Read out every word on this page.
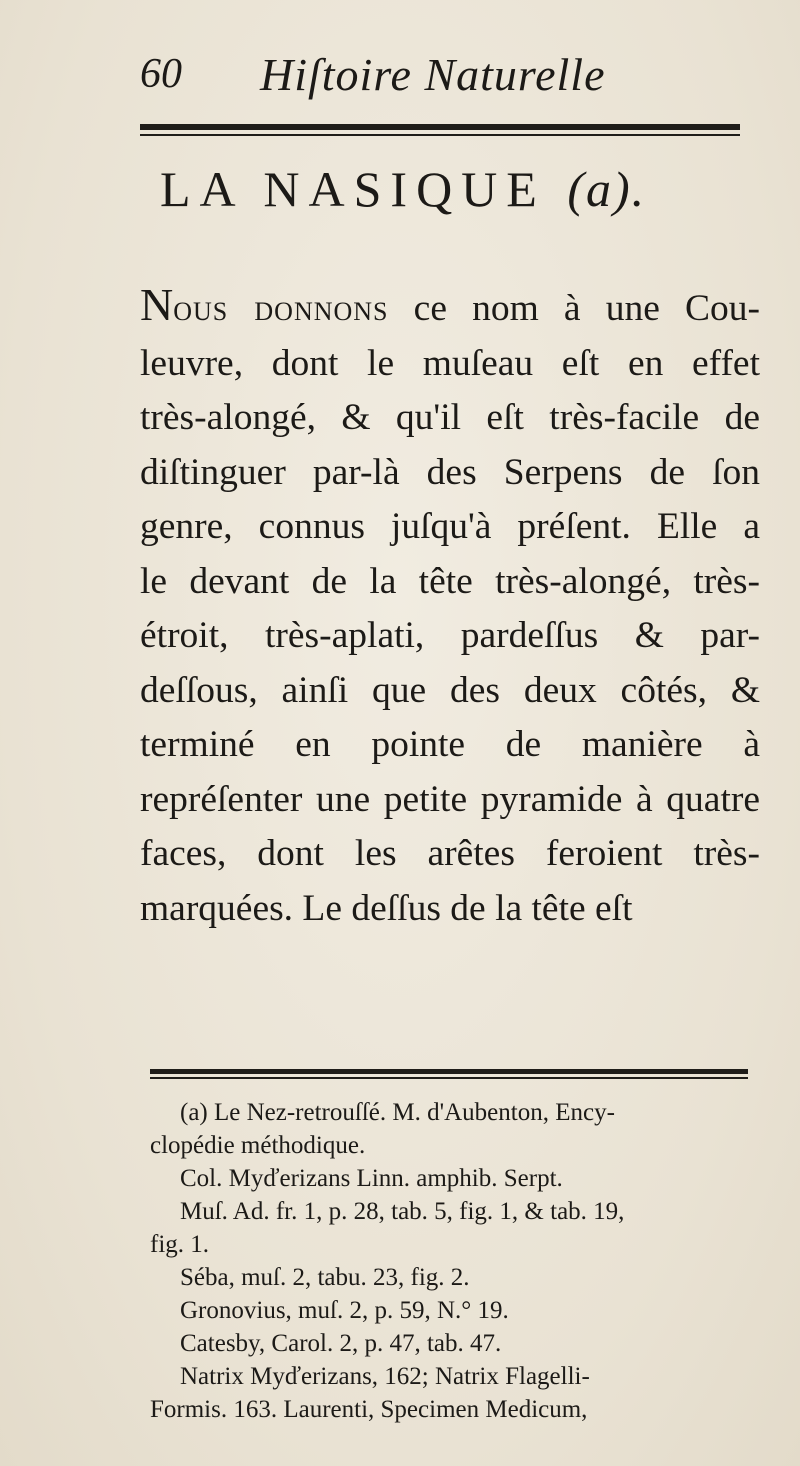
60 Hiſtoire Naturelle
LA NASIQUE (a).
Nous donnons ce nom à une Cou-
leuvre, dont le muſeau eſt en effet
très-alongé, & qu'il eſt très-facile de
diſtinguer par-là des Serpens de ſon
genre, connus juſqu'à préſent. Elle a
le devant de la tête très-alongé, très-
étroit, très-aplati, pardeſſus & par-
deſſous, ainſi que des deux côtés, &
terminé en pointe de manière à
repréſenter une petite pyramide à quatre
faces, dont les arêtes feroient très-
marquées. Le deſſus de la tête eſt
(a) Le Nez-retrouſſé. M. d'Aubenton, Ency-
clopédie méthodique.
Col. Myďerizans Linn. amphib. Serpt.
Muſ. Ad. fr. 1, p. 28, tab. 5, fig. 1, & tab. 19,
fig. 1.
Séba, muſ. 2, tabu. 23, fig. 2.
Gronovius, muſ. 2, p. 59, N.° 19.
Catesby, Carol. 2, p. 47, tab. 47.
Natrix Myďerizans, 162; Natrix Flagelli-
Formis. 163. Laurenti, Specimen Medicum,
